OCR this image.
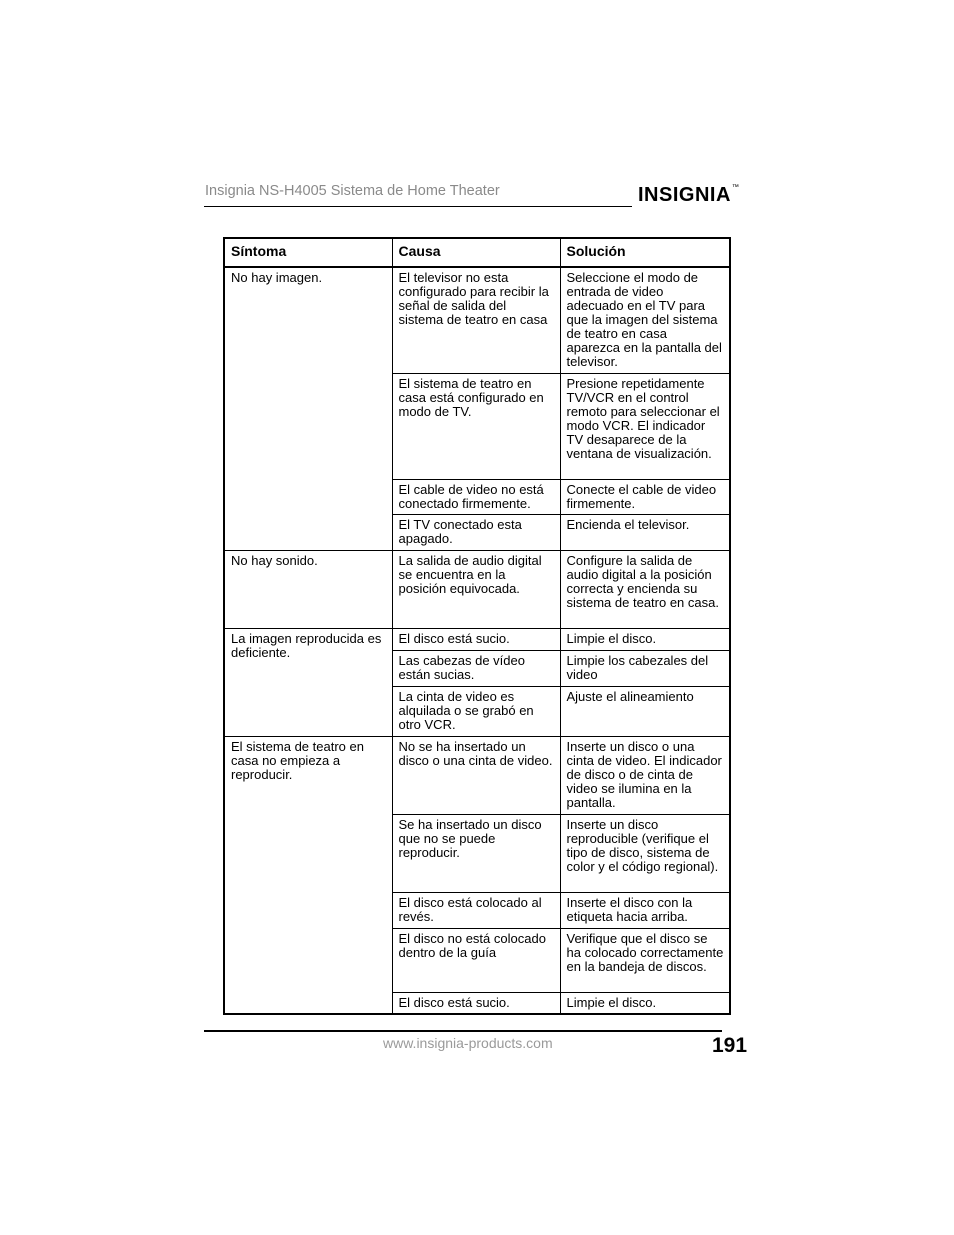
Insignia NS-H4005 Sistema de Home Theater	INSIGNIA™
Síntoma	Causa	Solución
No hay imagen.	El televisor no esta configurado para recibir la señal de salida del sistema de teatro en casa	Seleccione el modo de entrada de video adecuado en el TV para que la imagen del sistema de teatro en casa aparezca en la pantalla del televisor.
	El sistema de teatro en casa está configurado en modo de TV.	Presione repetidamente TV/VCR en el control remoto para seleccionar el modo VCR. El indicador TV desaparece de la ventana de visualización.
	El cable de video no está conectado firmemente.	Conecte el cable de video firmemente.
	El TV conectado esta apagado.	Encienda el televisor.
No hay sonido.	La salida de audio digital se encuentra en la posición equivocada.	Configure la salida de audio digital a la posición correcta y encienda su sistema de teatro en casa.
La imagen reproducida es deficiente.	El disco está sucio.	Limpie el disco.
	Las cabezas de vídeo están sucias.	Limpie los cabezales del video
	La cinta de video es alquilada o se grabó en otro VCR.	Ajuste el alineamiento
El sistema de teatro en casa no empieza a reproducir.	No se ha insertado un disco o una cinta de video.	Inserte un disco o una cinta de video. El indicador de disco o de cinta de video se ilumina en la pantalla.
	Se ha insertado un disco que no se puede reproducir.	Inserte un disco reproducible (verifique el tipo de disco, sistema de color y el código regional).
	El disco está colocado al revés.	Inserte el disco con la etiqueta hacia arriba.
	El disco no está colocado dentro de la guía	Verifique que el disco se ha colocado correctamente en la bandeja de discos.
	El disco está sucio.	Limpie el disco.
www.insignia-products.com	191
